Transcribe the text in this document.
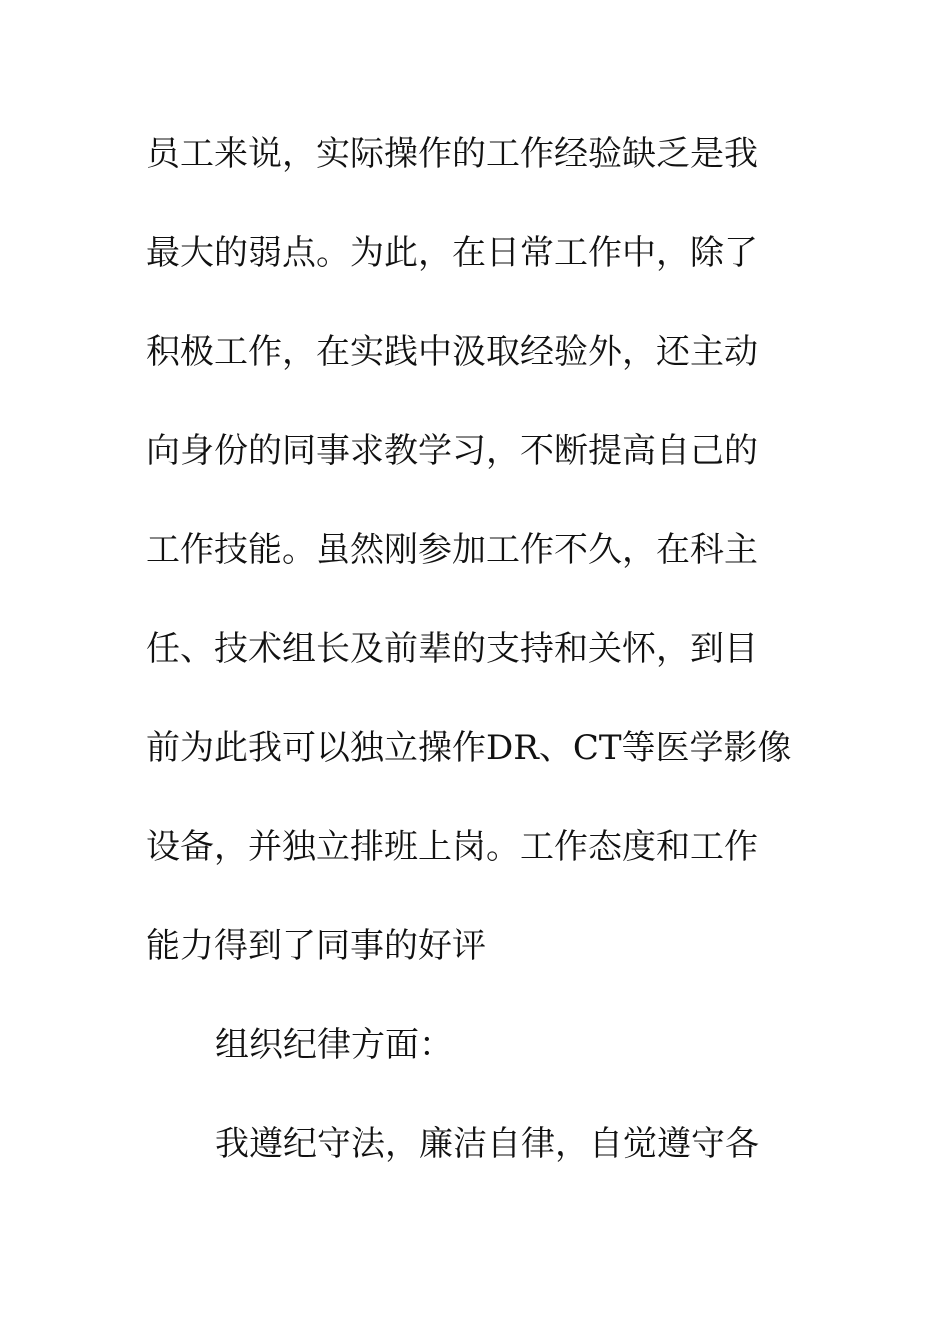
员工来说，实际操作的工作经验缺乏是我
最大的弱点。为此，在日常工作中，除了
积极工作，在实践中汲取经验外，还主动
向身份的同事求教学习，不断提高自己的
工作技能。虽然刚参加工作不久，在科主
任、技术组长及前辈的支持和关怀，到目
前为此我可以独立操作DR、CT等医学影像
设备，并独立排班上岗。工作态度和工作
能力得到了同事的好评
组织纪律方面：
我遵纪守法，廉洁自律，自觉遵守各
